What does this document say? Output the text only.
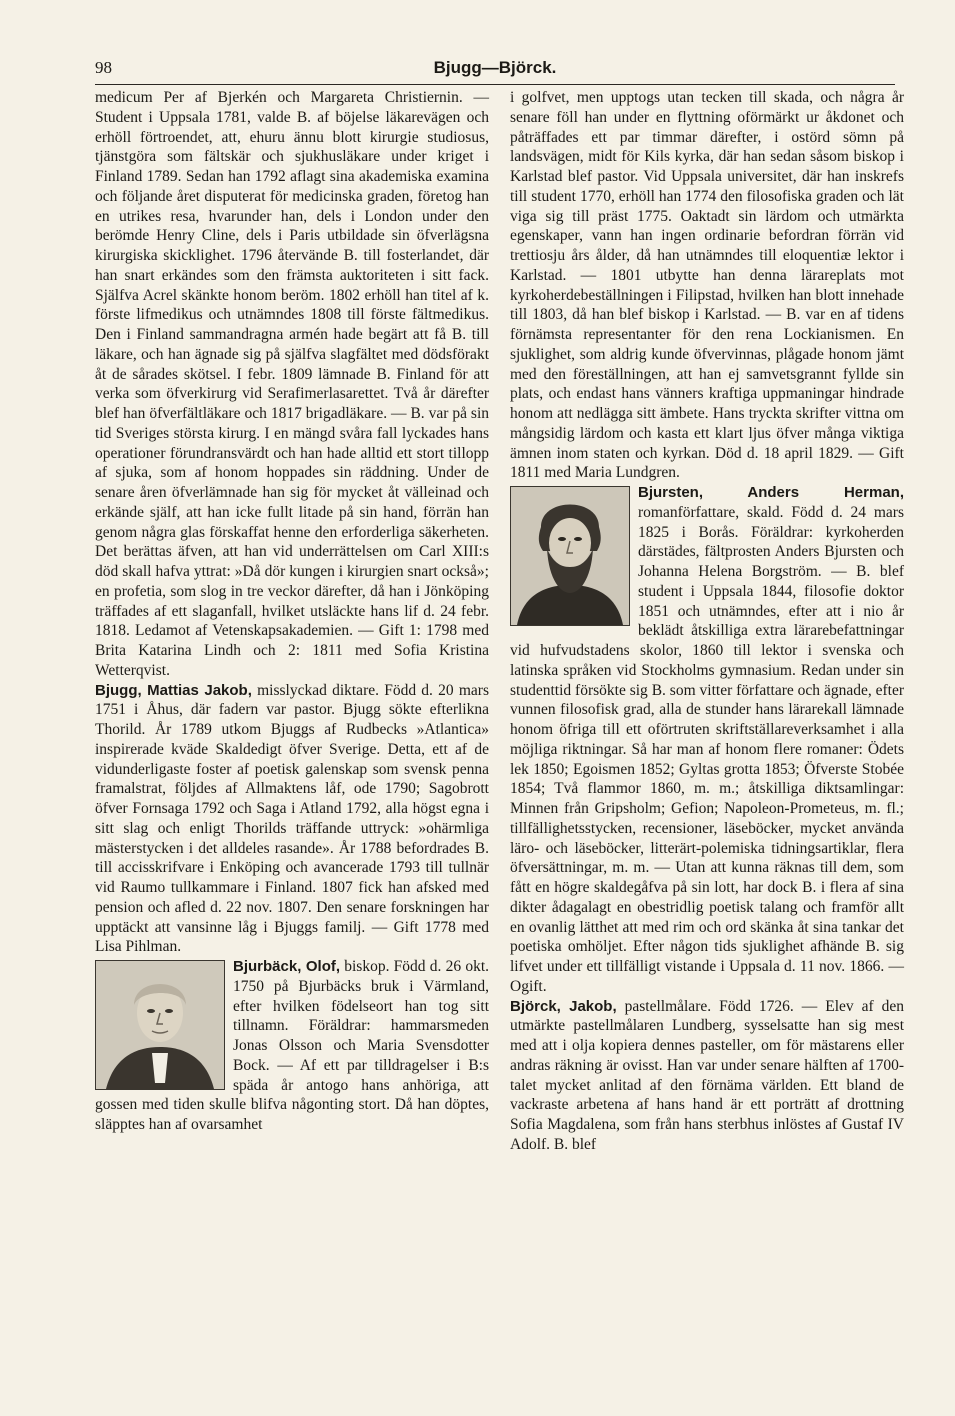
98	Bjugg—Björck.

medicum Per af Bjerkén och Margareta Christiernin. — Student i Uppsala 1781, valde B. af böjelse läkarevägen och erhöll förtroendet, att, ehuru ännu blott kirurgie studiosus, tjänstgöra som fältskär och sjukhusläkare under kriget i Finland 1789. Sedan han 1792 aflagt sina akademiska examina och följande året disputerat för medicinska graden, företog han en utrikes resa, hvarunder han, dels i London under den berömde Henry Cline, dels i Paris utbildade sin öfverlägsna kirurgiska skicklighet. 1796 återvände B. till fosterlandet, där han snart erkändes som den främsta auktoriteten i sitt fack. Själfva Acrel skänkte honom beröm. 1802 erhöll han titel af k. förste lifmedikus och utnämndes 1808 till förste fältmedikus. Den i Finland sammandragna armén hade begärt att få B. till läkare, och han ägnade sig på själfva slagfältet med dödsförakt åt de sårades skötsel. I febr. 1809 lämnade B. Finland för att verka som öfverkirurg vid Serafimerlasarettet. Två år därefter blef han öfverfältläkare och 1817 brigadläkare. — B. var på sin tid Sveriges största kirurg. I en mängd svåra fall lyckades hans operationer förundransvärdt och han hade alltid ett stort tillopp af sjuka, som af honom hoppades sin räddning. Under de senare åren öfverlämnade han sig för mycket åt välleinad och erkände själf, att han icke fullt litade på sin hand, förrän han genom några glas förskaffat henne den erforderliga säkerheten. Det berättas äfven, att han vid underrättelsen om Carl XIII:s död skall hafva yttrat: »Då dör kungen i kirurgien snart också»; en profetia, som slog in tre veckor därefter, då han i Jönköping träffades af ett slaganfall, hvilket utsläckte hans lif d. 24 febr. 1818. Ledamot af Vetenskapsakademien. — Gift 1: 1798 med Brita Katarina Lindh och 2: 1811 med Sofia Kristina Wetterqvist.

Bjugg, Mattias Jakob, misslyckad diktare. Född d. 20 mars 1751 i Åhus, där fadern var pastor. Bjugg sökte efterlikna Thorild. År 1789 utkom Bjuggs af Rudbecks »Atlantica» inspirerade kväde Skaldedigt öfver Sverige. Detta, ett af de vidunderligaste foster af poetisk galenskap som svensk penna framalstrat, följdes af Allmaktens låf, ode 1790; Sagobrott öfver Fornsaga 1792 och Saga i Atland 1792, alla högst egna i sitt slag och enligt Thorilds träffande uttryck: »ohärmliga mästerstycken i det alldeles rasande». År 1788 befordrades B. till accisskrifvare i Enköping och avancerade 1793 till tullnär vid Raumo tullkammare i Finland. 1807 fick han afsked med pension och afled d. 22 nov. 1807. Den senare forskningen har upptäckt att vansinne låg i Bjuggs familj. — Gift 1778 med Lisa Pihlman.

Bjurbäck, Olof,
biskop. Född d. 26 okt. 1750 på Bjurbäcks bruk i Värmland, efter hvilken födelseort han tog sitt tillnamn. Föräldrar: hammarsmeden Jonas Olsson och Maria Svensdotter Bock. — Af ett par tilldragelser i B:s späda år antogo hans anhöriga, att gossen med tiden skulle blifva någonting stort. Då han döptes, släpptes han af ovarsamhet

i golfvet, men upptogs utan tecken till skada, och några år senare föll han under en flyttning oförmärkt ur åkdonet och påträffades ett par timmar därefter, i ostörd sömn på landsvägen, midt för Kils kyrka, där han sedan såsom biskop i Karlstad blef pastor. Vid Uppsala universitet, där han inskrefs till student 1770, erhöll han 1774 den filosofiska graden och lät viga sig till präst 1775. Oaktadt sin lärdom och utmärkta egenskaper, vann han ingen ordinarie befordran förrän vid trettiosju års ålder, då han utnämndes till eloquentiæ lektor i Karlstad. — 1801 utbytte han denna lärareplats mot kyrkoherdebeställningen i Filipstad, hvilken han blott innehade till 1803, då han blef biskop i Karlstad. — B. var en af tidens förnämsta representanter för den rena Lockianismen. En sjuklighet, som aldrig kunde öfvervinnas, plågade honom jämt med den föreställningen, att han ej samvetsgrannt fyllde sin plats, och endast hans vänners kraftiga uppmaningar hindrade honom att nedlägga sitt ämbete. Hans tryckta skrifter vittna om mångsidig lärdom och kasta ett klart ljus öfver många viktiga ämnen inom staten och kyrkan. Död d. 18 april 1829. — Gift 1811 med Maria Lundgren.

Bjursten, Anders Herman,
romanförfattare, skald. Född d. 24 mars 1825 i Borås. Föräldrar: kyrkoherden därstädes, fältprosten Anders Bjursten och Johanna Helena Borgström. — B. blef student i Uppsala 1844, filosofie doktor 1851 och utnämndes, efter att i nio år beklädt åtskilliga extra lärarebefattningar vid hufvudstadens skolor, 1860 till lektor i svenska och latinska språken vid Stockholms gymnasium. Redan under sin studenttid försökte sig B. som vitter författare och ägnade, efter vunnen filosofisk grad, alla de stunder hans lärarekall lämnade honom öfriga till ett oförtruten skriftställareverksamhet i alla möjliga riktningar. Så har man af honom flere romaner: Ödets lek 1850; Egoismen 1852; Gyltas grotta 1853; Öfverste Stobée 1854; Två flammor 1860, m. m.; åtskilliga diktsamlingar: Minnen från Gripsholm; Gefion; Napoleon-Prometeus, m. fl.; tillfällighetsstycken, recensioner, läseböcker, mycket använda läro- och läseböcker, litterärt-polemiska tidningsartiklar, flera öfversättningar, m. m. — Utan att kunna räknas till dem, som fått en högre skaldegåfva på sin lott, har dock B. i flera af sina dikter ådagalagt en obestridlig poetisk talang och framför allt en ovanlig lätthet att med rim och ord skänka åt sina tankar det poetiska omhöljet. Efter någon tids sjuklighet afhände B. sig lifvet under ett tillfälligt vistande i Uppsala d. 11 nov. 1866. — Ogift.

Björck, Jakob, pastellmålare. Född 1726. — Elev af den utmärkte pastellmålaren Lundberg, sysselsatte han sig mest med att i olja kopiera dennes pasteller, om för mästarens eller andras räkning är ovisst. Han var under senare hälften af 1700-talet mycket anlitad af den förnäma världen. Ett bland de vackraste arbetena af hans hand är ett porträtt af drottning Sofia Magdalena, som från hans sterbhus inlöstes af Gustaf IV Adolf. B. blef
